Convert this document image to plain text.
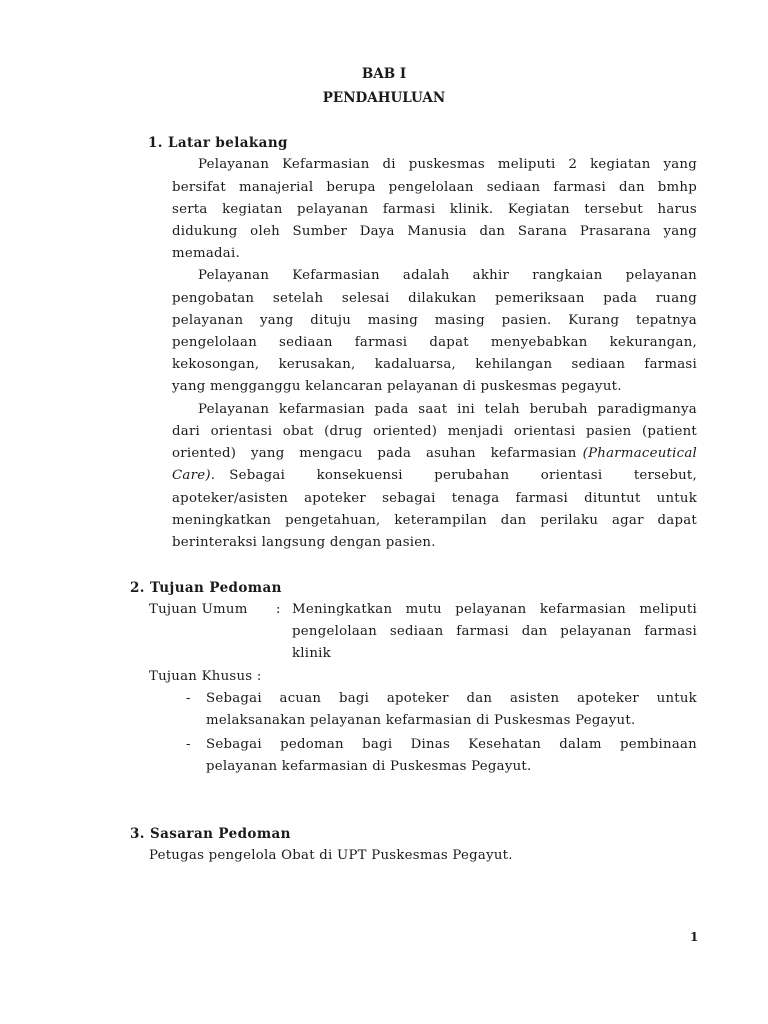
BAB I
PENDAHULUAN
1. Latar belakang
Pelayanan Kefarmasian di puskesmas meliputi 2 kegiatan yang
bersifat manajerial berupa pengelolaan sediaan farmasi dan bmhp
serta kegiatan pelayanan farmasi klinik. Kegiatan tersebut harus
didukung oleh Sumber Daya Manusia dan Sarana Prasarana yang
memadai.
Pelayanan Kefarmasian adalah akhir rangkaian pelayanan
pengobatan setelah selesai dilakukan pemeriksaan pada ruang
pelayanan yang dituju masing masing pasien. Kurang tepatnya
pengelolaan sediaan farmasi dapat menyebabkan kekurangan,
kekosongan, kerusakan, kadaluarsa, kehilangan sediaan farmasi
yang mengganggu kelancaran pelayanan di puskesmas pegayut.
Pelayanan kefarmasian pada saat ini telah berubah paradigmanya
dari orientasi obat (drug oriented) menjadi orientasi pasien (patient
oriented) yang mengacu pada asuhan kefarmasian (Pharmaceutical
Care). Sebagai konsekuensi perubahan orientasi tersebut,
apoteker/asisten apoteker sebagai tenaga farmasi dituntut untuk
meningkatkan pengetahuan, keterampilan dan perilaku agar dapat
berinteraksi langsung dengan pasien.
2. Tujuan Pedoman
Tujuan Umum : Meningkatkan mutu pelayanan kefarmasian meliputi
pengelolaan sediaan farmasi dan pelayanan farmasi
klinik
Tujuan Khusus :
- Sebagai acuan bagi apoteker dan asisten apoteker untuk
melaksanakan pelayanan kefarmasian di Puskesmas Pegayut.
- Sebagai pedoman bagi Dinas Kesehatan dalam pembinaan
pelayanan kefarmasian di Puskesmas Pegayut.
3. Sasaran Pedoman
Petugas pengelola Obat di UPT Puskesmas Pegayut.
1
